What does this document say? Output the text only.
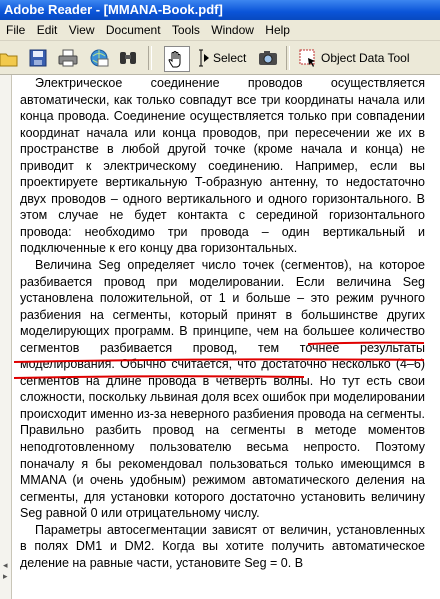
Adobe Reader - [MMANA-Book.pdf]
File Edit View Document Tools Window Help
Select	Object Data Tool
◂
▸

Электрическое соединение проводов осуществляется автоматически, как только совпадут все три координаты начала или конца провода. Соединение осуществляется только при совпадении координат начала или конца проводов, при пересечении же их в пространстве в любой другой точке (кроме начала и конца) не приводит к электрическому соединению. Например, если вы проектируете вертикальную T-образную антенну, то недостаточно двух проводов – одного вертикального и одного горизонтального. В этом случае не будет контакта с серединой горизонтального провода: необходимо три провода – один вертикальный и подключенные к его концу два горизонтальных.

Величина Seg определяет число точек (сегментов), на которое разбивается провод при моделировании. Если величина Seg установлена положительной, от 1 и больше – это режим ручного разбиения на сегменты, который принят в большинстве других моделирующих программ. В принципе, чем на большее количество сегментов разбивается провод, тем точнее результаты моделирования. Обычно считается, что достаточно несколько (4–6) сегментов на длине провода в четверть волны. Но тут есть свои сложности, поскольку львиная доля всех ошибок при моделировании происходит именно из-за неверного разбиения провода на сегменты. Правильно разбить провод на сегменты в методе моментов неподготовленному пользователю весьма непросто. Поэтому поначалу я бы рекомендовал пользоваться только имеющимся в MMANA (и очень удобным) режимом автоматического деления на сегменты, для установки которого достаточно установить величину Seg равной 0 или отрицательному числу.

Параметры автосегментации зависят от величин, установленных в полях DM1 и DM2. Когда вы хотите получить автоматическое деление на равные части, установите Seg = 0. В
